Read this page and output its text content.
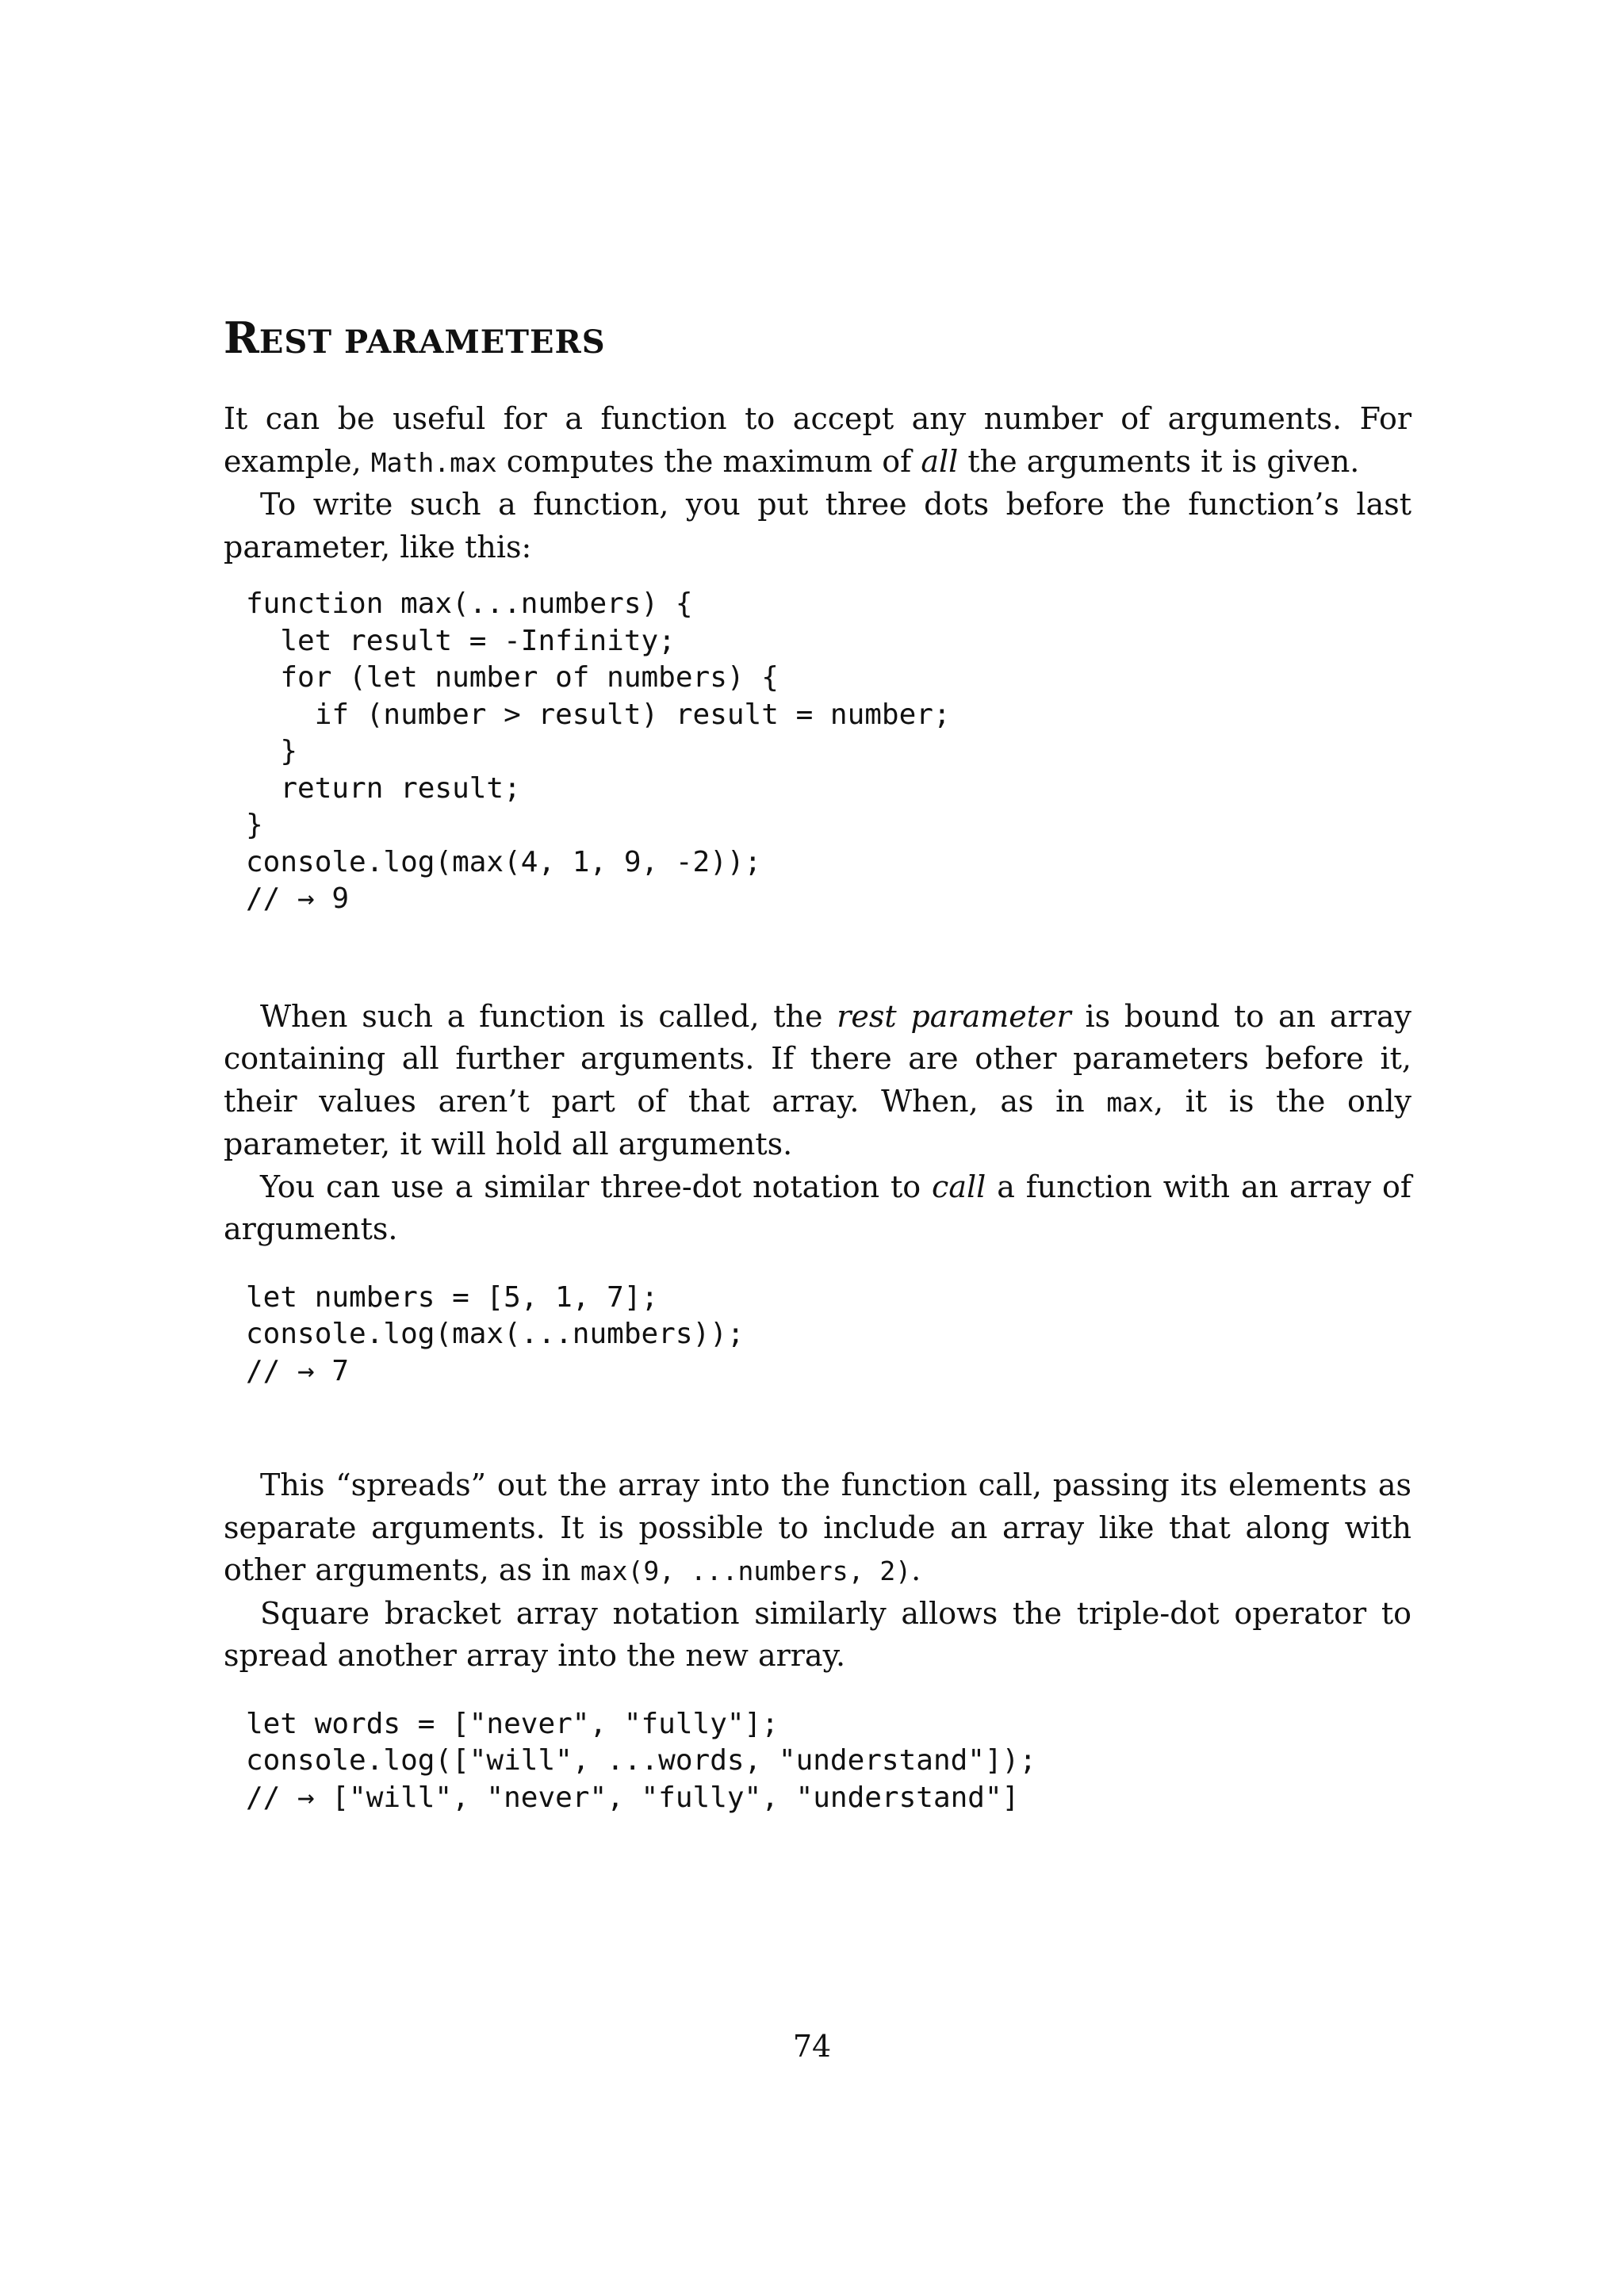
REST PARAMETERS

It can be useful for a function to accept any number of arguments. For example, Math.max computes the maximum of all the arguments it is given.

To write such a function, you put three dots before the function’s last parameter, like this:

function max(...numbers) {
let result = -Infinity;
for (let number of numbers) {
if (number > result) result = number;
}
return result;
}
console.log(max(4, 1, 9, -2));
// → 9

When such a function is called, the rest parameter is bound to an array containing all further arguments. If there are other parameters before it, their values aren’t part of that array. When, as in max, it is the only parameter, it will hold all arguments.

You can use a similar three-dot notation to call a function with an array of arguments.

let numbers = [5, 1, 7];
console.log(max(...numbers));
// → 7

This “spreads” out the array into the function call, passing its elements as separate arguments. It is possible to include an array like that along with other arguments, as in max(9, ...numbers, 2).

Square bracket array notation similarly allows the triple-dot operator to spread another array into the new array.

let words = ["never", "fully"];
console.log(["will", ...words, "understand"]);
// → ["will", "never", "fully", "understand"]
74
